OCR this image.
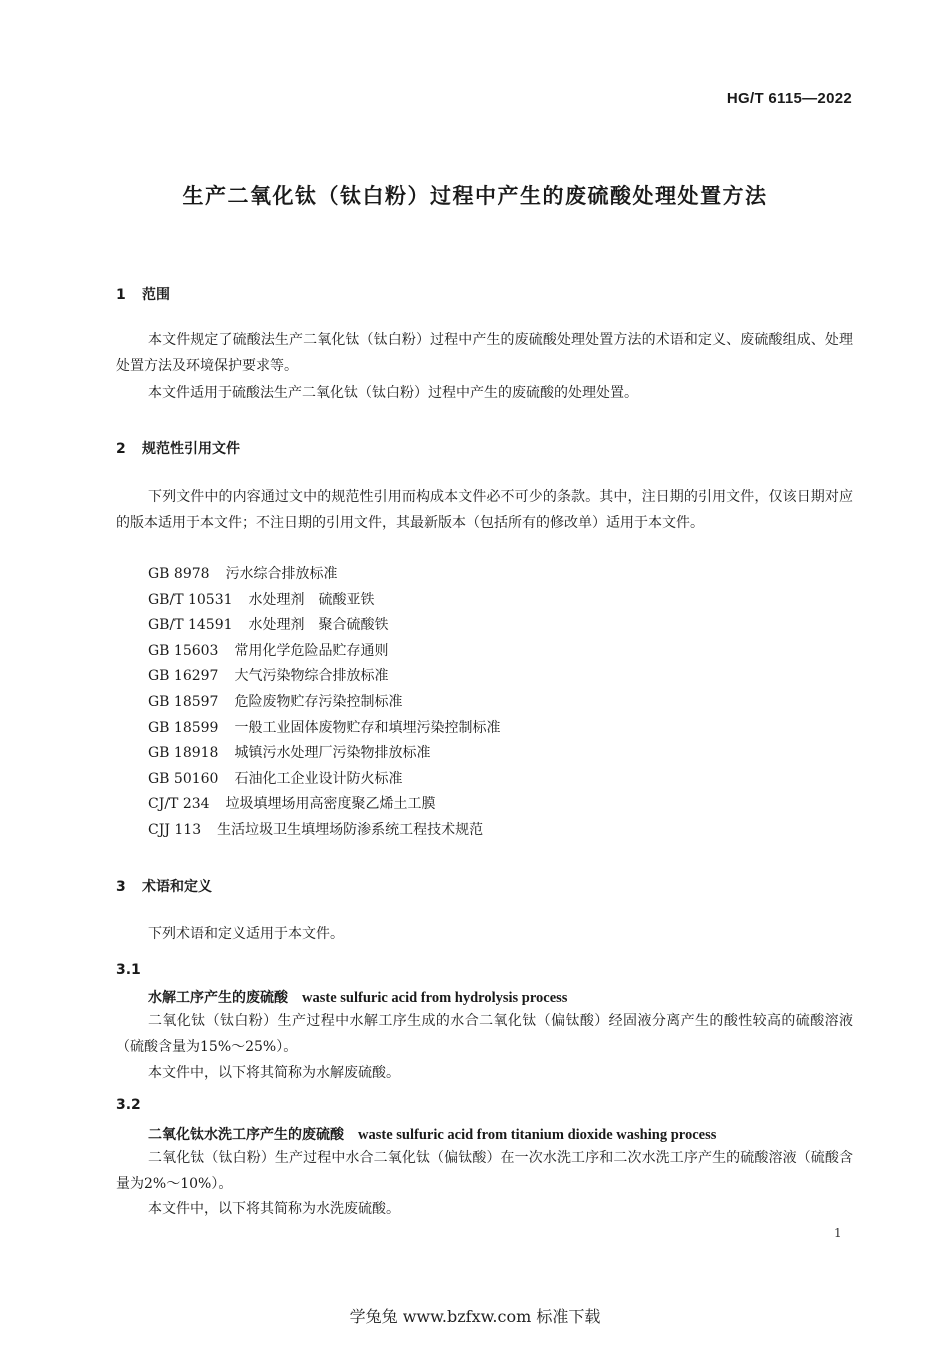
HG/T 6115—2022
生产二氧化钛（钛白粉）过程中产生的废硫酸处理处置方法
1 范围
本文件规定了硫酸法生产二氧化钛（钛白粉）过程中产生的废硫酸处理处置方法的术语和定义、废硫酸组成、处理处置方法及环境保护要求等。
本文件适用于硫酸法生产二氧化钛（钛白粉）过程中产生的废硫酸的处理处置。
2 规范性引用文件
下列文件中的内容通过文中的规范性引用而构成本文件必不可少的条款。其中，注日期的引用文件，仅该日期对应的版本适用于本文件；不注日期的引用文件，其最新版本（包括所有的修改单）适用于本文件。
GB 8978 污水综合排放标准
GB/T 10531 水处理剂　硫酸亚铁
GB/T 14591 水处理剂　聚合硫酸铁
GB 15603 常用化学危险品贮存通则
GB 16297 大气污染物综合排放标准
GB 18597 危险废物贮存污染控制标准
GB 18599 一般工业固体废物贮存和填埋污染控制标准
GB 18918 城镇污水处理厂污染物排放标准
GB 50160 石油化工企业设计防火标准
CJ/T 234 垃圾填埋场用高密度聚乙烯土工膜
CJJ 113 生活垃圾卫生填埋场防渗系统工程技术规范
3 术语和定义
下列术语和定义适用于本文件。
3.1
水解工序产生的废硫酸 waste sulfuric acid from hydrolysis process
二氧化钛（钛白粉）生产过程中水解工序生成的水合二氧化钛（偏钛酸）经固液分离产生的酸性较高的硫酸溶液（硫酸含量为15%～25%）。
本文件中，以下将其简称为水解废硫酸。
3.2
二氧化钛水洗工序产生的废硫酸 waste sulfuric acid from titanium dioxide washing process
二氧化钛（钛白粉）生产过程中水合二氧化钛（偏钛酸）在一次水洗工序和二次水洗工序产生的硫酸溶液（硫酸含量为2%～10%）。
本文件中，以下将其简称为水洗废硫酸。
1
学兔兔 www.bzfxw.com 标准下载
